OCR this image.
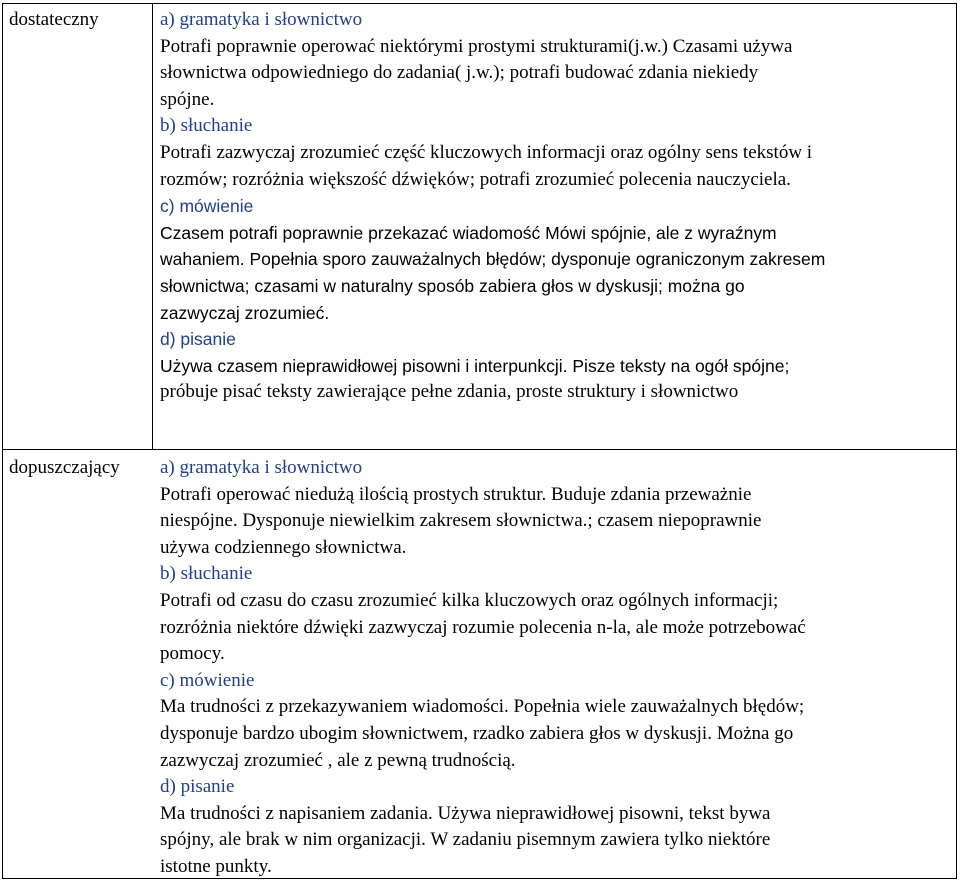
dostateczny	a) gramatyka i słownictwo
Potrafi poprawnie operować niektórymi prostymi strukturami(j.w.) Czasami używa
słownictwa odpowiedniego do zadania( j.w.); potrafi budować zdania niekiedy
spójne.
b) słuchanie
Potrafi zazwyczaj zrozumieć część kluczowych informacji oraz ogólny sens tekstów i
rozmów; rozróżnia większość dźwięków; potrafi zrozumieć polecenia nauczyciela.
c) mówienie
Czasem potrafi poprawnie przekazać wiadomość Mówi spójnie, ale z wyraźnym
wahaniem. Popełnia sporo zauważalnych błędów; dysponuje ograniczonym zakresem
słownictwa; czasami w naturalny sposób zabiera głos w dyskusji; można go
zazwyczaj zrozumieć.
d) pisanie
Używa czasem nieprawidłowej pisowni i interpunkcji. Pisze teksty na ogół spójne;
próbuje pisać teksty zawierające pełne zdania, proste struktury i słownictwo
dopuszczający a) gramatyka i słownictwo
Potrafi operować niedużą ilością prostych struktur. Buduje zdania przeważnie
niespójne. Dysponuje niewielkim zakresem słownictwa.; czasem niepoprawnie
używa codziennego słownictwa.
b) słuchanie
Potrafi od czasu do czasu zrozumieć kilka kluczowych oraz ogólnych informacji;
rozróżnia niektóre dźwięki zazwyczaj rozumie polecenia n-la, ale może potrzebować
pomocy.
c) mówienie
Ma trudności z przekazywaniem wiadomości. Popełnia wiele zauważalnych błędów;
dysponuje bardzo ubogim słownictwem, rzadko zabiera głos w dyskusji. Można go
zazwyczaj zrozumieć , ale z pewną trudnością.
d) pisanie
Ma trudności z napisaniem zadania. Używa nieprawidłowej pisowni, tekst bywa
spójny, ale brak w nim organizacji. W zadaniu pisemnym zawiera tylko niektóre
istotne punkty.
